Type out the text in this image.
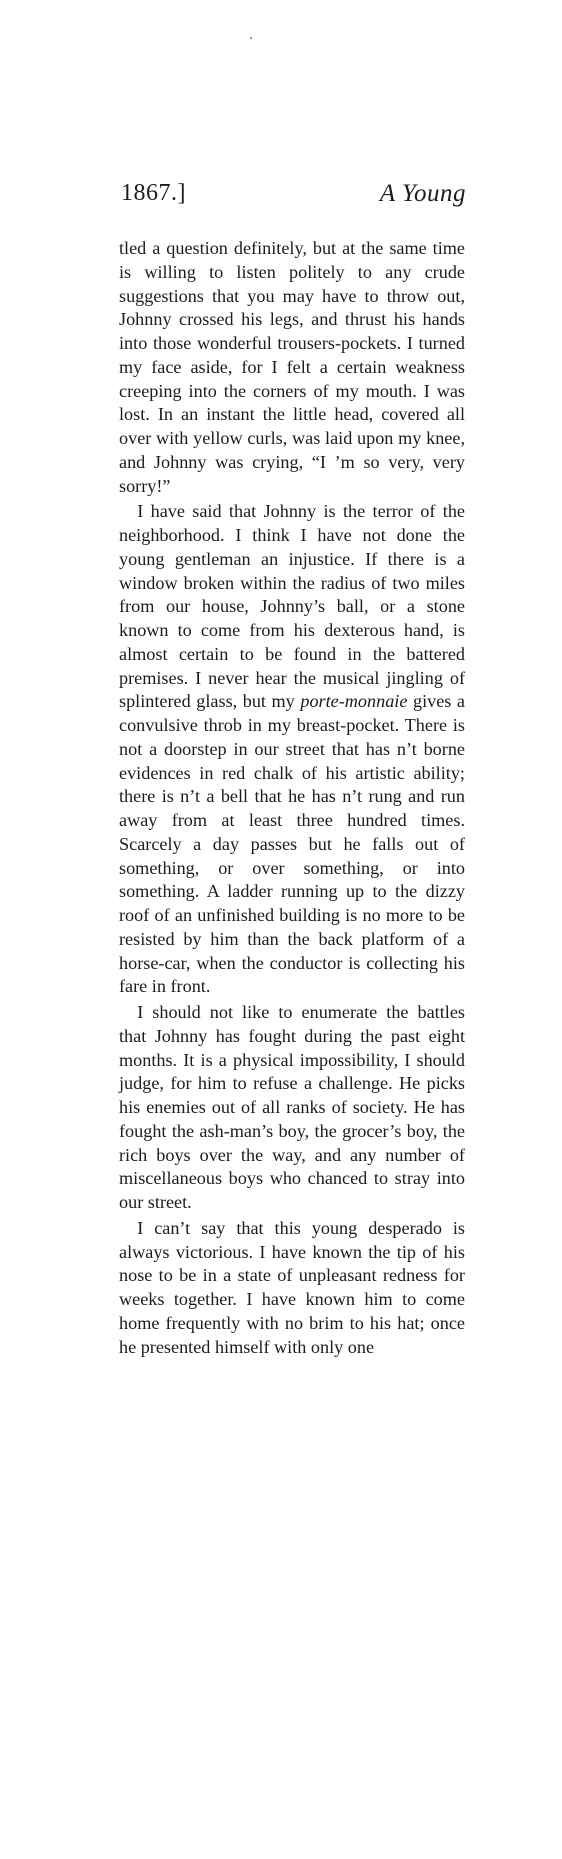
1867.]	A Young

tled a question definitely, but at the same time is willing to listen politely to any crude suggestions that you may have to throw out, Johnny crossed his legs, and thrust his hands into those wonderful trousers-pockets. I turned my face aside, for I felt a certain weakness creeping into the corners of my mouth. I was lost. In an instant the little head, covered all over with yellow curls, was laid upon my knee, and Johnny was crying, “I ’m so very, very sorry!”

I have said that Johnny is the terror of the neighborhood. I think I have not done the young gentleman an injustice. If there is a window broken within the radius of two miles from our house, Johnny’s ball, or a stone known to come from his dexterous hand, is almost certain to be found in the battered premises. I never hear the musical jingling of splintered glass, but my porte-monnaie gives a convulsive throb in my breast-pocket. There is not a doorstep in our street that has n’t borne evidences in red chalk of his artistic ability; there is n’t a bell that he has n’t rung and run away from at least three hundred times. Scarcely a day passes but he falls out of something, or over something, or into something. A ladder running up to the dizzy roof of an unfinished building is no more to be resisted by him than the back platform of a horse-car, when the conductor is collecting his fare in front.

I should not like to enumerate the battles that Johnny has fought during the past eight months. It is a physical impossibility, I should judge, for him to refuse a challenge. He picks his enemies out of all ranks of society. He has fought the ash-man’s boy, the grocer’s boy, the rich boys over the way, and any number of miscellaneous boys who chanced to stray into our street.

I can’t say that this young desperado is always victorious. I have known the tip of his nose to be in a state of unpleasant redness for weeks together. I have known him to come home frequently with no brim to his hat; once he presented himself with only one
